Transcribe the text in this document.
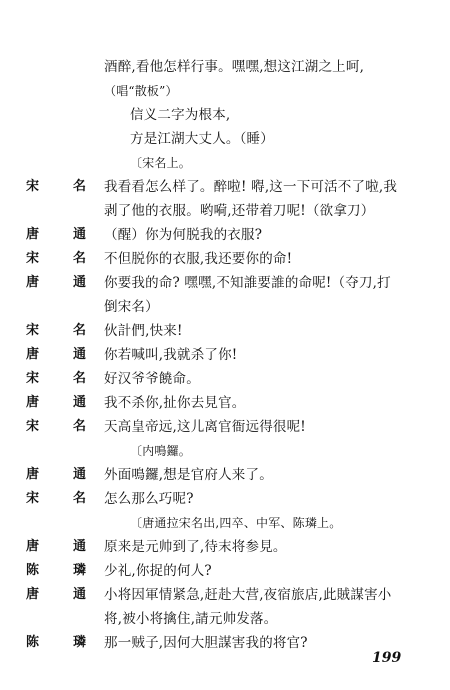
酒醉,看他怎样行事。嘿嘿,想这江湖之上呵,
（唱“散板”）
信义二字为根本,
方是江湖大丈人。（睡）
〔宋名上。
宋	名 我看看怎么样了。醉啦! 嘚,这一下可活不了啦,我
剥了他的衣服。哟嗬,还带着刀呢!（欲拿刀）
唐	通 （醒）你为何脱我的衣服?
宋	名 不但脱你的衣服,我还要你的命!
唐	通 你要我的命? 嘿嘿,不知誰要誰的命呢!（夺刀,打
倒宋名）
宋	名 伙計們,快来!
唐	通 你若喊叫,我就杀了你!
宋	名 好汉爷爷饒命。
唐	通 我不杀你,扯你去見官。
宋	名 天高皇帝远,这儿离官衙远得很呢!
〔内鳴鑼。
唐	通 外面鳴鑼,想是官府人来了。
宋	名 怎么那么巧呢?
〔唐通拉宋名出,四卒、中军、陈璘上。
唐	通 原来是元帅到了,待末将参見。
陈	璘 少礼,你捉的何人?
唐	通 小将因軍情紧急,赶赴大营,夜宿旅店,此賊謀害小
将,被小将擒住,請元帅发落。
陈	璘 那一贼子,因何大胆謀害我的将官?
199
